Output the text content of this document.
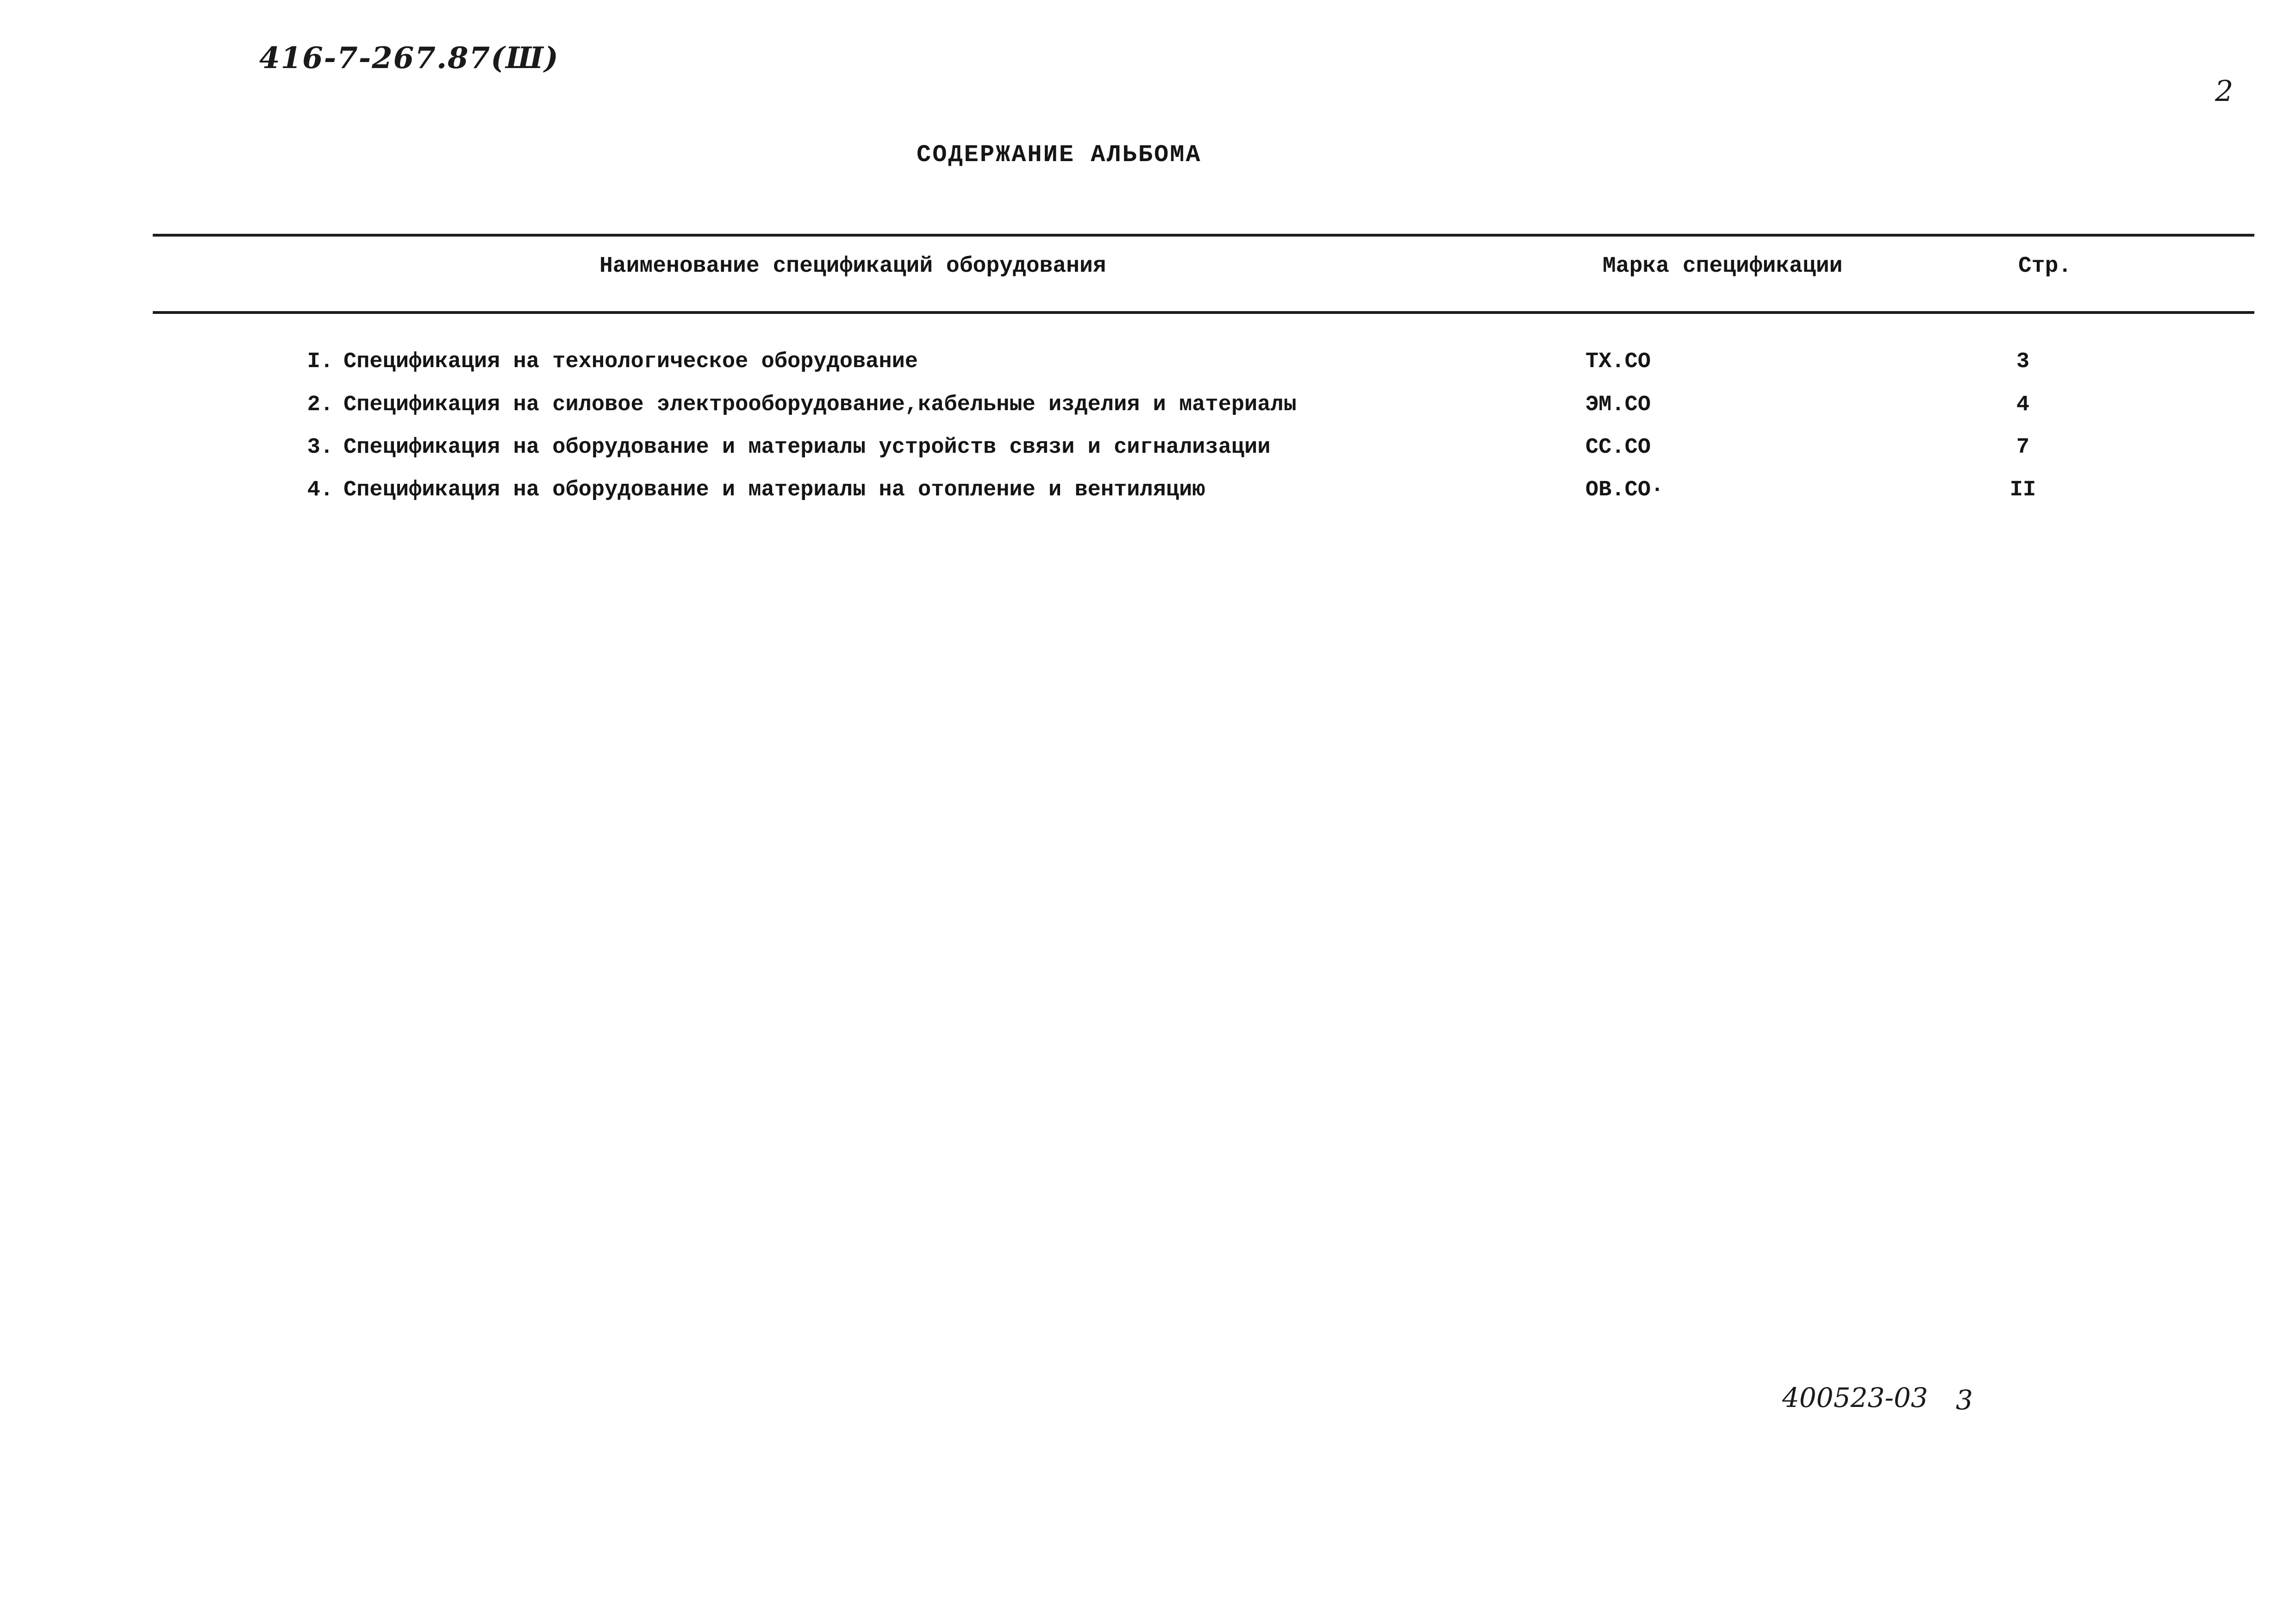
416-7-267.87(Ш)
2
СОДЕРЖАНИЕ АЛЬБОМА
Наименование спецификаций оборудования	Марка спецификации	Стр.
I. Спецификация на технологическое оборудование	ТХ.СО	3
2. Спецификация на силовое электрооборудование,кабельные изделия и материалы	ЭМ.СО	4
3. Спецификация на оборудование и материалы устройств связи и сигнализации	СС.СО	7
4. Спецификация на оборудование и материалы на отопление и вентиляцию	ОВ.СО·	II
400523-03 3
